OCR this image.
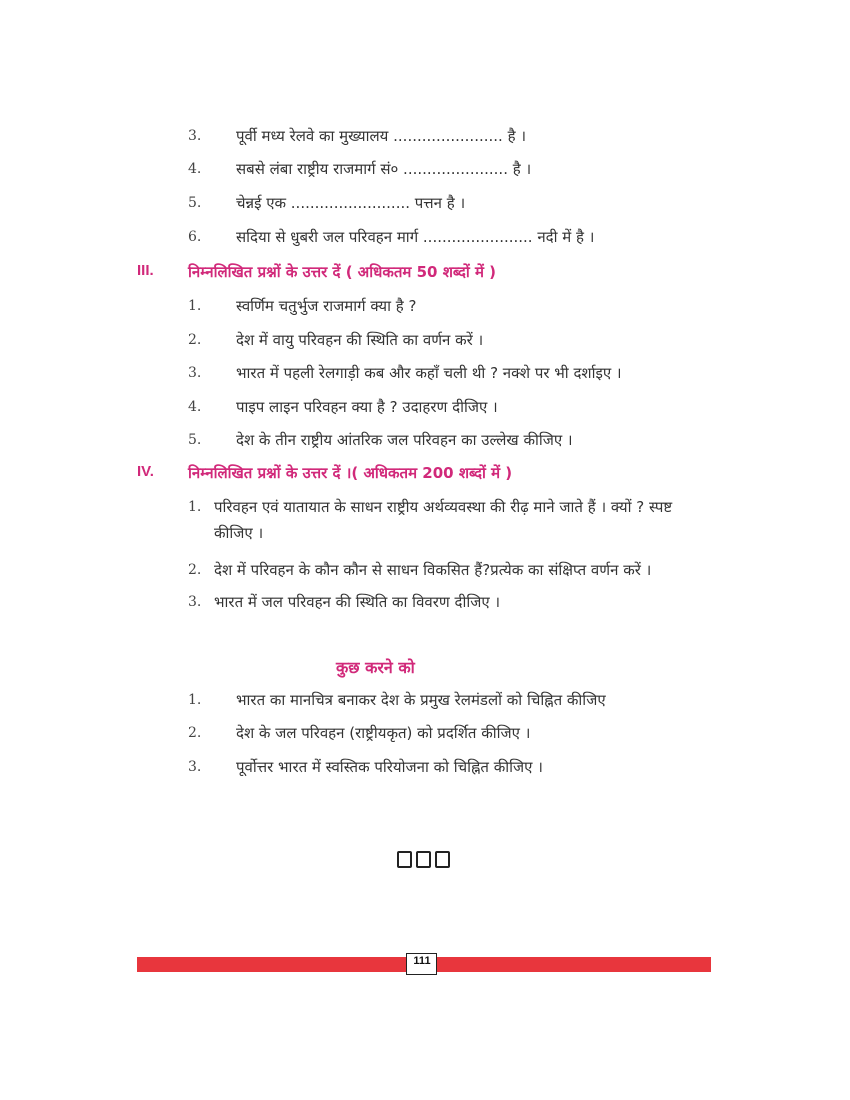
3. पूर्वी मध्य रेलवे का मुख्यालय ....................... है ।
4. सबसे लंबा राष्ट्रीय राजमार्ग सं० ...................... है ।
5. चेन्नई एक ......................... पत्तन है ।
6. सदिया से धुबरी जल परिवहन मार्ग ....................... नदी में है ।
III. निम्नलिखित प्रश्नों के उत्तर दें ( अधिकतम 50 शब्दों में )
1. स्वर्णिम चतुर्भुज राजमार्ग क्या है ?
2. देश में वायु परिवहन की स्थिति का वर्णन करें ।
3. भारत में पहली रेलगाड़ी कब और कहाँ चली थी ? नक्शे पर भी दर्शाइए ।
4. पाइप लाइन परिवहन क्या है ? उदाहरण दीजिए ।
5. देश के तीन राष्ट्रीय आंतरिक जल परिवहन का उल्लेख कीजिए ।
IV. निम्नलिखित प्रश्नों के उत्तर दें ।( अधिकतम 200 शब्दों में )
1. परिवहन एवं यातायात के साधन राष्ट्रीय अर्थव्यवस्था की रीढ़ माने जाते हैं । क्यों ? स्पष्ट कीजिए ।
2. देश में परिवहन के कौन कौन से साधन विकसित हैं?प्रत्येक का संक्षिप्त वर्णन करें ।
3. भारत में जल परिवहन की स्थिति का विवरण दीजिए ।
कुछ करने को
1. भारत का मानचित्र बनाकर देश के प्रमुख रेलमंडलों को चिह्नित कीजिए
2. देश के जल परिवहन (राष्ट्रीयकृत) को प्रदर्शित कीजिए ।
3. पूर्वोत्तर भारत में स्वस्तिक परियोजना को चिह्नित कीजिए ।
111
